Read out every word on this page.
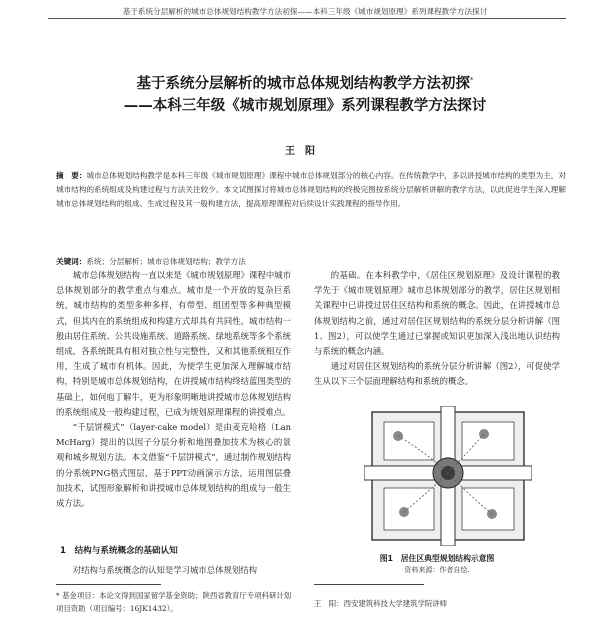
基于系统分层解析的城市总体规划结构教学方法初探——本科三年级《城市规划原理》系列课程教学方法探讨
基于系统分层解析的城市总体规划结构教学方法初探*
——本科三年级《城市规划原理》系列课程教学方法探讨
王　阳
摘　要：城市总体规划结构教学是本科三年级《城市规划原理》课程中城市总体规划部分的核心内容。在传统教学中，多以讲授城市结构的类型为主，对城市结构的系统组成及构建过程与方法关注较少。本文试图探讨将城市总体规划结构的终极完图按系统分层解析讲解的教学方法，以此促进学生深入理解城市总体规划结构的组成、生成过程及其一般构建方法，提高原理课程对后续设计实践课程的指导作用。
关键词：系统；分层解析；城市总体规划结构；教学方法

城市总体规划结构一直以来是《城市规划原理》课程中城市总体规划部分的教学重点与难点。城市是一个开放的复杂巨系统，城市结构的类型多种多样，有带型、组团型等多种典型模式，但其内在的系统组成和构建方式却具有共同性。城市结构一般由居住系统、公共设施系统、道路系统、绿地系统等多个系统组成，各系统既具有相对独立性与完整性，又和其他系统相互作用，生成了城市有机体。因此，为使学生更加深入理解城市结构，特别是城市总体规划结构，在讲授城市结构终结蓝图类型的基础上，如何庖丁解牛，更为形象明晰地讲授城市总体规划结构的系统组成及一般构建过程，已成为规划原理课程的讲授难点。

“千层饼模式”（layer-cake model）是由麦克哈格（Lan McHarg）提出的以因子分层分析和地图叠加技术为核心的景观和城乡规划方法。本文借鉴“千层饼模式”，通过制作规划结构的分系统PNG格式图层，基于PPT动画演示方法，运用图层叠加技术，试图形象解析和讲授城市总体规划结构的组成与一般生成方法。

1　结构与系统概念的基础认知
对结构与系统概念的认知是学习城市总体规划结构
* 基金项目：本论文得到国家留学基金资助；陕西省教育厅专项科研计划项目资助（项目编号：16JK1432）。

的基础。在本科教学中，《居住区规划原理》及设计课程的教学先于《城市规划原理》城市总体规划部分的教学，居住区规划相关课程中已讲授过居住区结构和系统的概念。因此，在讲授城市总体规划结构之前，通过对居住区规划结构的系统分层分析讲解（图1、图2），可以使学生通过已掌握或知识更加深入浅出地认识结构与系统的概念内涵。

通过对居住区规划结构的系统分层分析讲解（图2），可促使学生从以下三个层面理解结构和系统的概念。

图1　居住区典型规划结构示意图
资料来源：作者自绘.
王　阳：西安建筑科技大学建筑学院讲师
